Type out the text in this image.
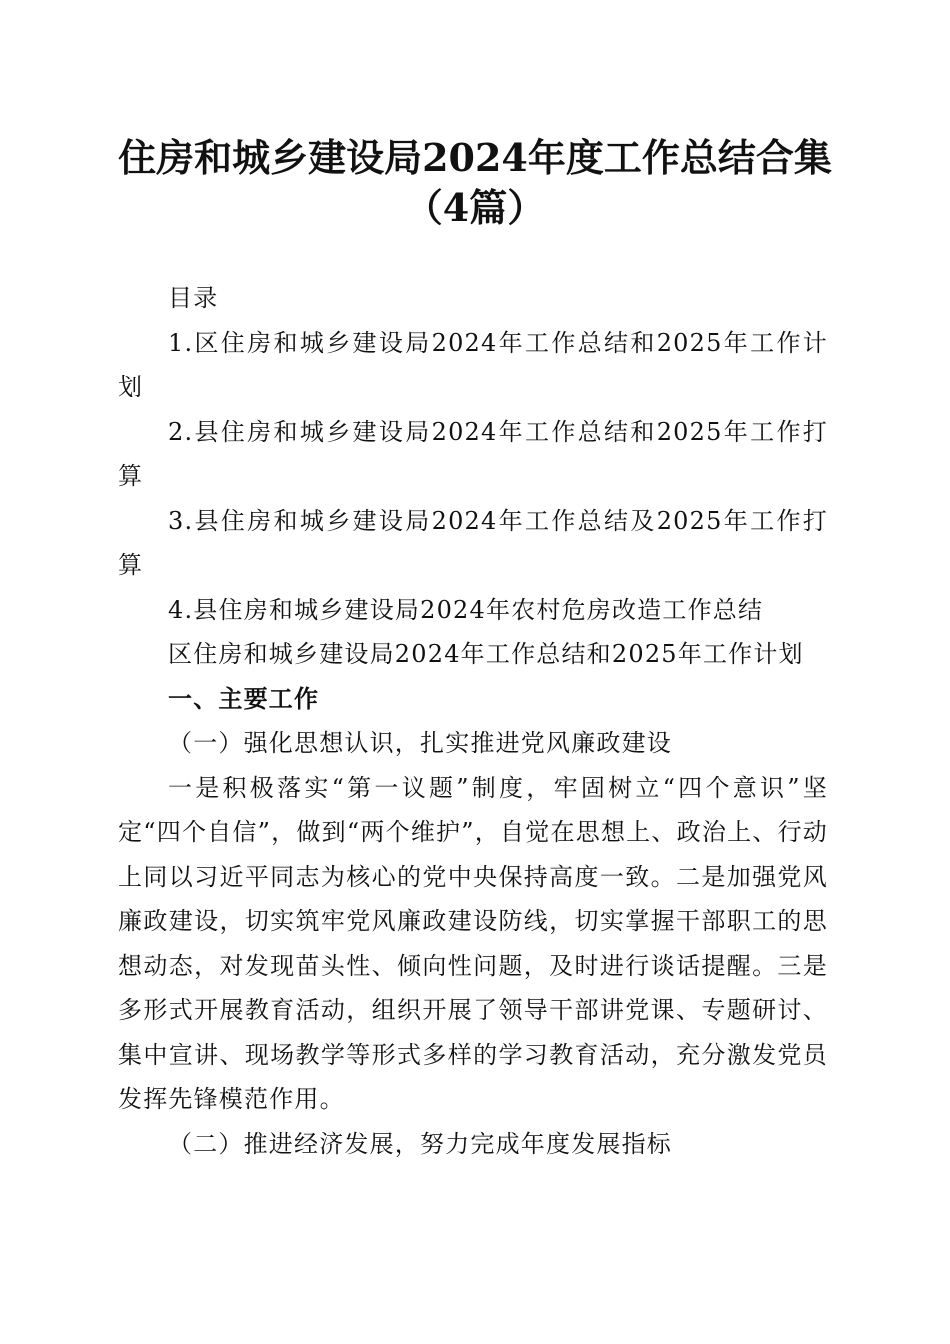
住房和城乡建设局2024年度工作总结合集（4篇）

目录

1.区住房和城乡建设局2024年工作总结和2025年工作计划

2.县住房和城乡建设局2024年工作总结和2025年工作打算

3.县住房和城乡建设局2024年工作总结及2025年工作打算

4.县住房和城乡建设局2024年农村危房改造工作总结

区住房和城乡建设局2024年工作总结和2025年工作计划

一、主要工作

（一）强化思想认识，扎实推进党风廉政建设

一是积极落实“第一议题”制度，牢固树立“四个意识”坚定“四个自信”，做到“两个维护”，自觉在思想上、政治上、行动上同以习近平同志为核心的党中央保持高度一致。二是加强党风廉政建设，切实筑牢党风廉政建设防线，切实掌握干部职工的思想动态，对发现苗头性、倾向性问题，及时进行谈话提醒。三是多形式开展教育活动，组织开展了领导干部讲党课、专题研讨、集中宣讲、现场教学等形式多样的学习教育活动，充分激发党员发挥先锋模范作用。

（二）推进经济发展，努力完成年度发展指标
